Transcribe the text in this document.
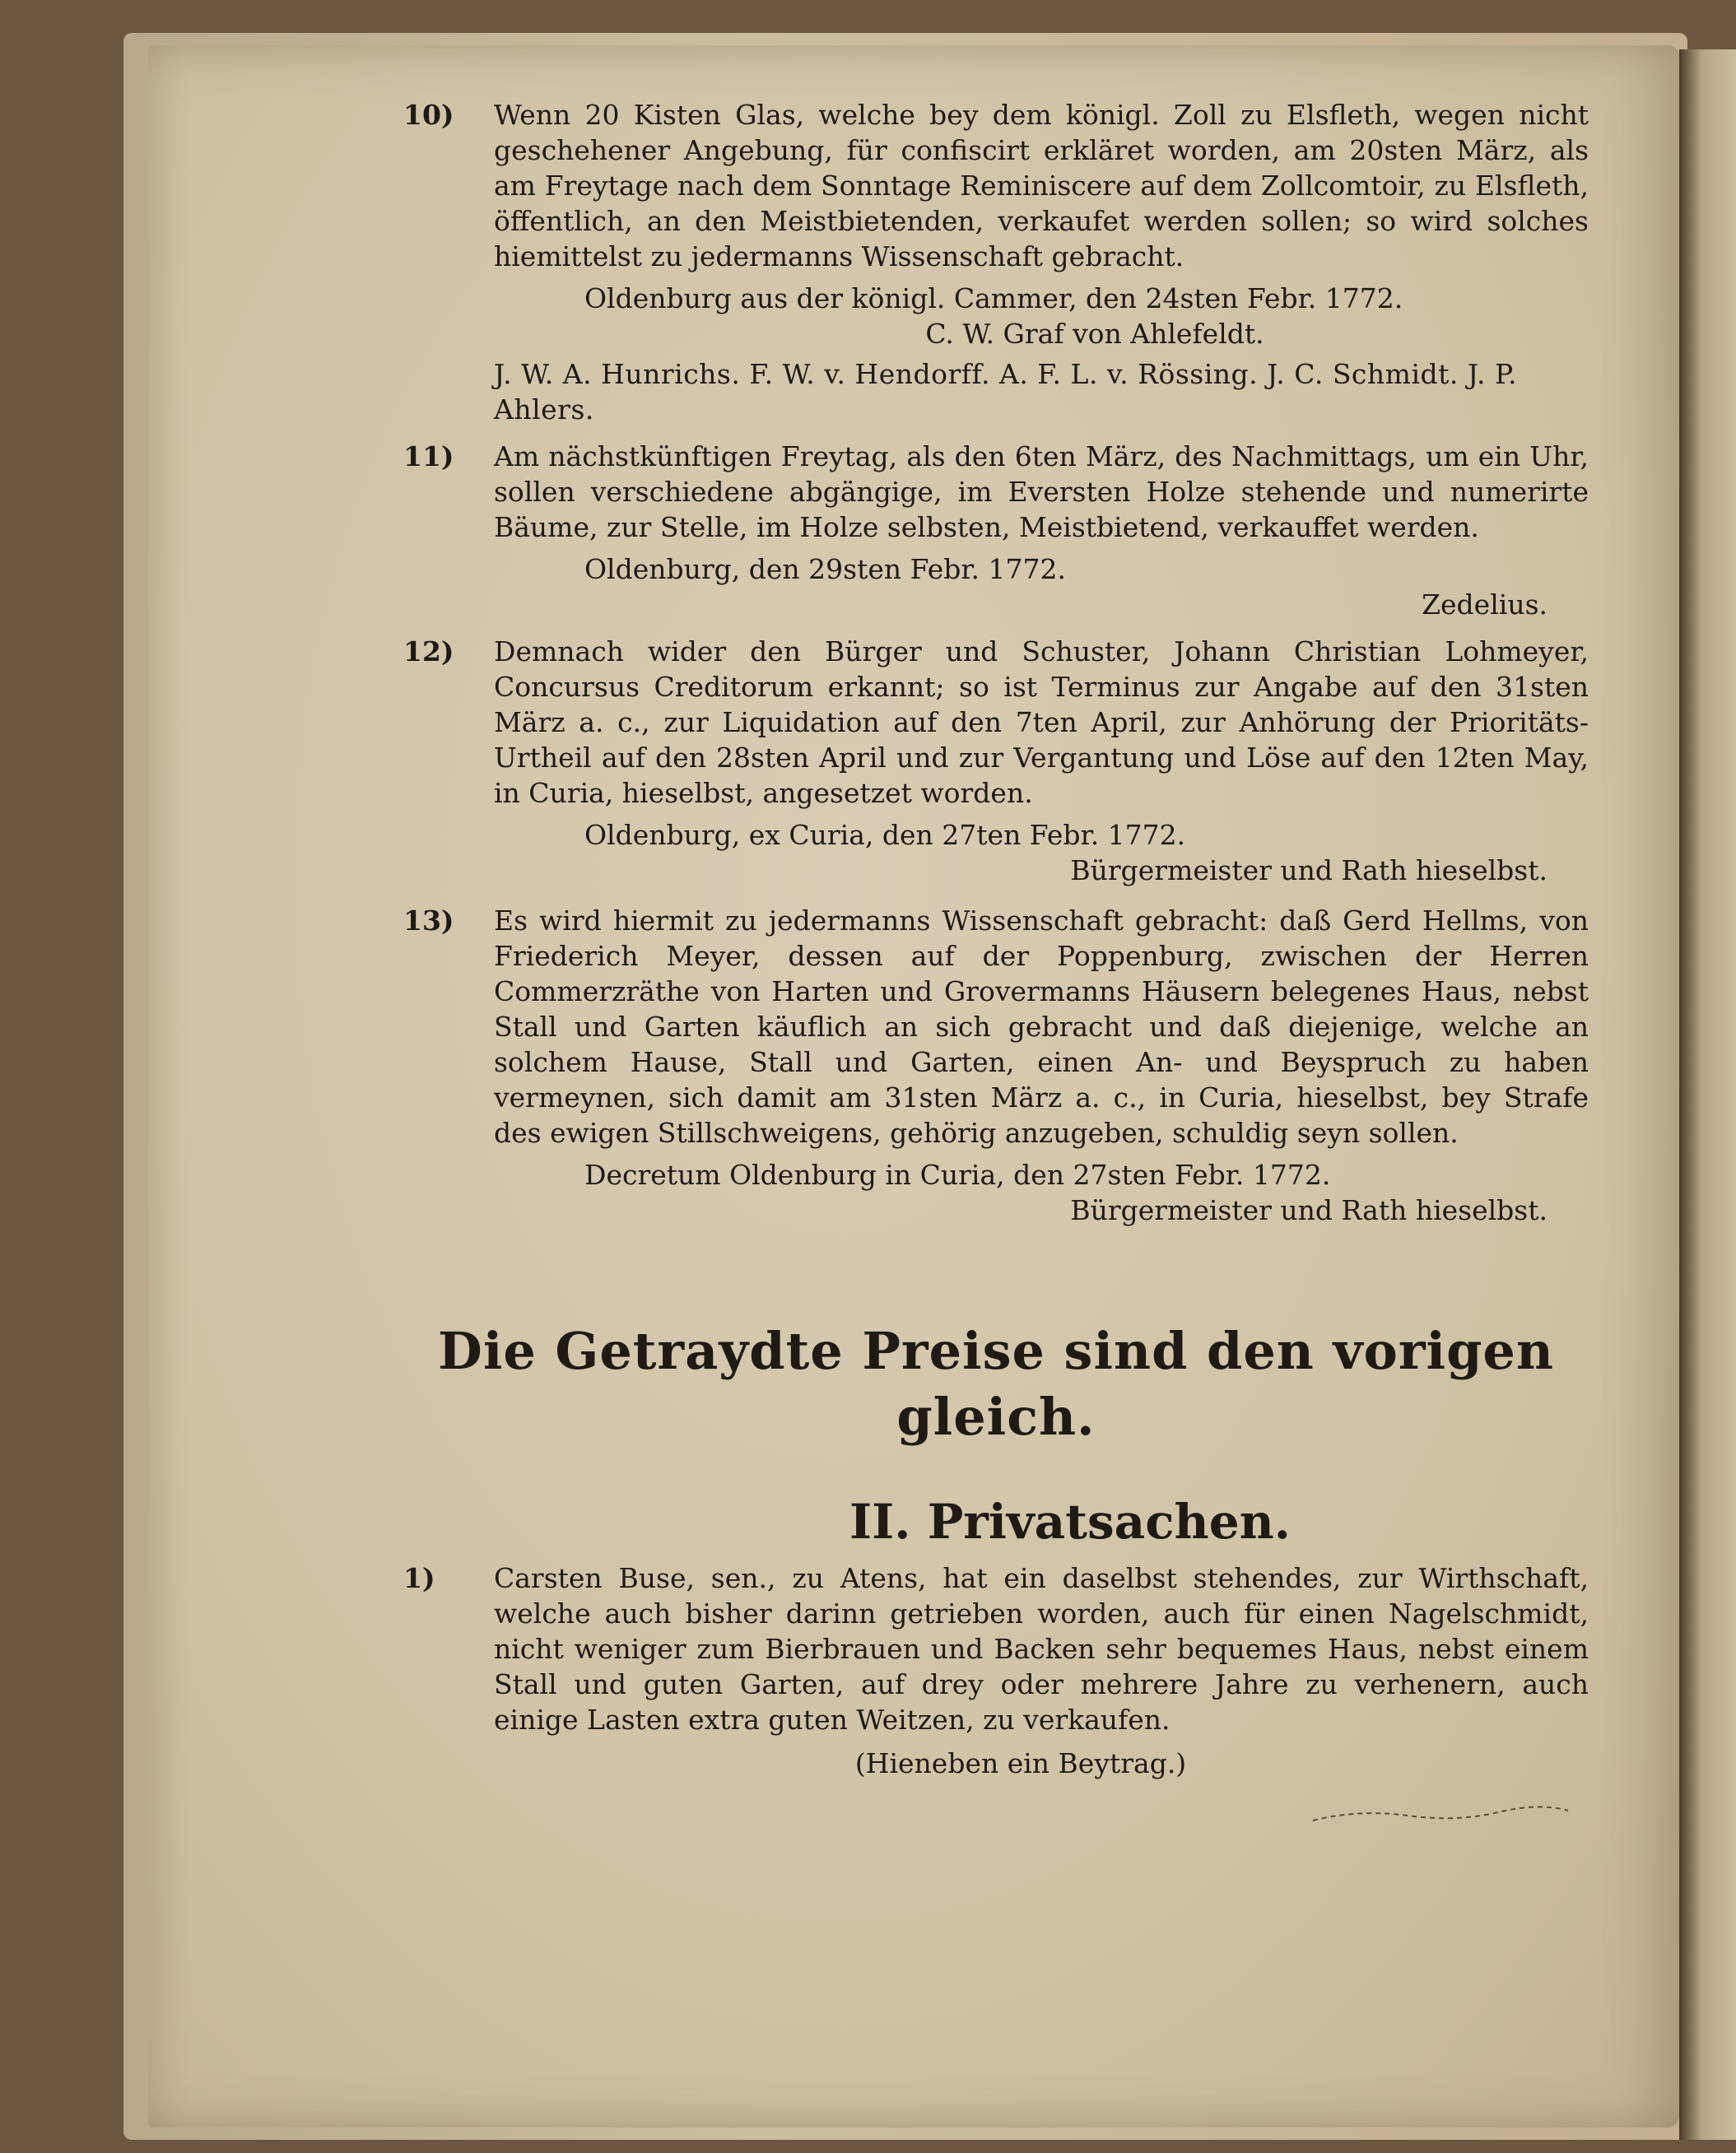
10)	Wenn 20 Kisten Glas, welche bey dem königl. Zoll zu Elsfleth, wegen nicht geschehener Angebung, für confiscirt erkläret worden, am 20sten März, als am Freytage nach dem Sonntage Reminiscere auf dem Zollcomtoir, zu Elsfleth, öffentlich, an den Meistbietenden, verkaufet werden sollen; so wird solches hiemittelst zu jedermanns Wissenschaft gebracht.
Oldenburg aus der königl. Cammer, den 24sten Febr. 1772.
C. W. Graf von Ahlefeldt.
J. W. A. Hunrichs. F. W. v. Hendorff. A. F. L. v. Rössing. J. C. Schmidt. J. P. Ahlers.
11)	Am nächstkünftigen Freytag, als den 6ten März, des Nachmittags, um ein Uhr, sollen verschiedene abgängige, im Eversten Holze stehende und numerirte Bäume, zur Stelle, im Holze selbsten, Meistbietend, verkauffet werden.
Oldenburg, den 29sten Febr. 1772.
Zedelius.
12)	Demnach wider den Bürger und Schuster, Johann Christian Lohmeyer, Concursus Creditorum erkannt; so ist Terminus zur Angabe auf den 31sten März a. c., zur Liquidation auf den 7ten April, zur Anhörung der Prioritäts-Urtheil auf den 28sten April und zur Vergantung und Löse auf den 12ten May, in Curia, hieselbst, angesetzet worden.
Oldenburg, ex Curia, den 27ten Febr. 1772.
Bürgermeister und Rath hieselbst.
13)	Es wird hiermit zu jedermanns Wissenschaft gebracht: daß Gerd Hellms, von Friederich Meyer, dessen auf der Poppenburg, zwischen der Herren Commerzräthe von Harten und Grovermanns Häusern belegenes Haus, nebst Stall und Garten käuflich an sich gebracht und daß diejenige, welche an solchem Hause, Stall und Garten, einen An- und Beyspruch zu haben vermeynen, sich damit am 31sten März a. c., in Curia, hieselbst, bey Strafe des ewigen Stillschweigens, gehörig anzugeben, schuldig seyn sollen.
Decretum Oldenburg in Curia, den 27sten Febr. 1772.
Bürgermeister und Rath hieselbst.
Die Getraydte Preise sind den vorigen gleich.
II. Privatsachen.
1)	Carsten Buse, sen., zu Atens, hat ein daselbst stehendes, zur Wirthschaft, welche auch bisher darinn getrieben worden, auch für einen Nagelschmidt, nicht weniger zum Bierbrauen und Backen sehr bequemes Haus, nebst einem Stall und guten Garten, auf drey oder mehrere Jahre zu verhenern, auch einige Lasten extra guten Weitzen, zu verkaufen.
(Hieneben ein Beytrag.)
